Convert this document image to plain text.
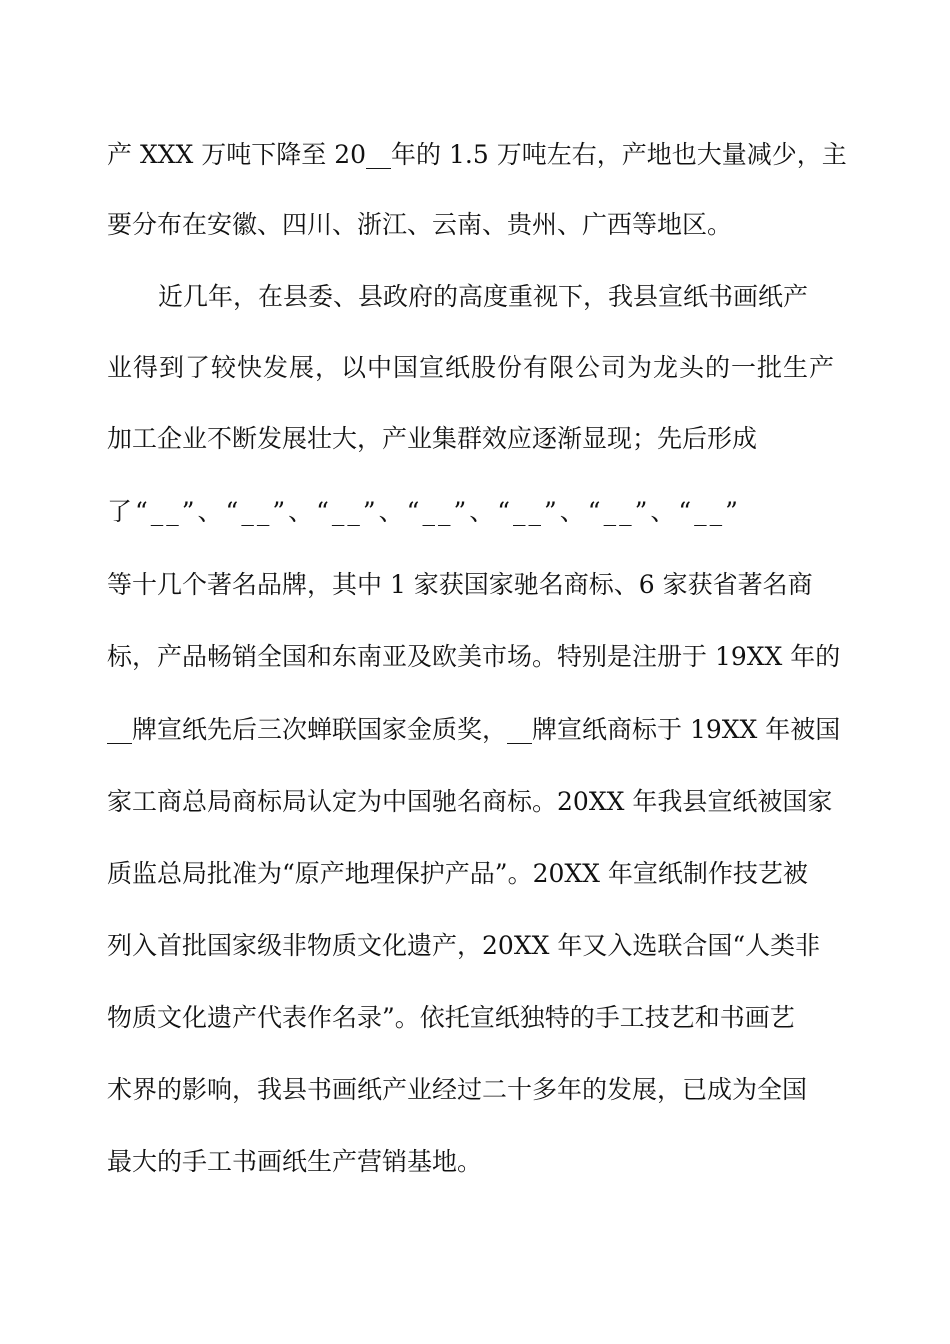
产 XXX 万吨下降至 20__年的 1.5 万吨左右，产地也大量减少，主

要分布在安徽、四川、浙江、云南、贵州、广西等地区。

近几年，在县委、县政府的高度重视下，我县宣纸书画纸产

业得到了较快发展，以中国宣纸股份有限公司为龙头的一批生产

加工企业不断发展壮大，产业集群效应逐渐显现；先后形成

了“__”、“__”、“__”、“__”、“__”、“__”、“__”

等十几个著名品牌，其中 1 家获国家驰名商标、6 家获省著名商

标，产品畅销全国和东南亚及欧美市场。特别是注册于 19XX 年的

__牌宣纸先后三次蝉联国家金质奖，__牌宣纸商标于 19XX 年被国

家工商总局商标局认定为中国驰名商标。20XX 年我县宣纸被国家

质监总局批准为“原产地理保护产品”。20XX 年宣纸制作技艺被

列入首批国家级非物质文化遗产，20XX 年又入选联合国“人类非

物质文化遗产代表作名录”。依托宣纸独特的手工技艺和书画艺

术界的影响，我县书画纸产业经过二十多年的发展，已成为全国

最大的手工书画纸生产营销基地。
